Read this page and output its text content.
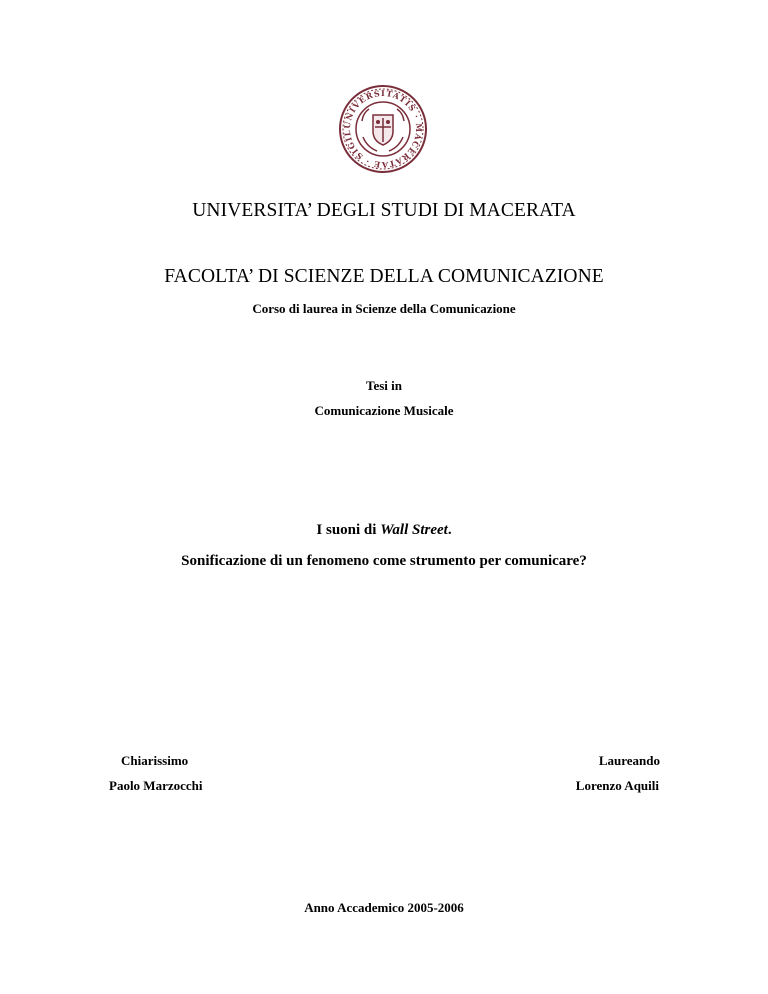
UNIVERSITATIS · MACERATAE · SIGIL
UNIVERSITA’ DEGLI STUDI DI MACERATA
FACOLTA’ DI SCIENZE DELLA COMUNICAZIONE
Corso di laurea in Scienze della Comunicazione
Tesi in
Comunicazione Musicale
I suoni di Wall Street.
Sonificazione di un fenomeno come strumento per comunicare?
Chiarissimo
Paolo Marzocchi
Laureando
Lorenzo Aquili
Anno Accademico 2005-2006
